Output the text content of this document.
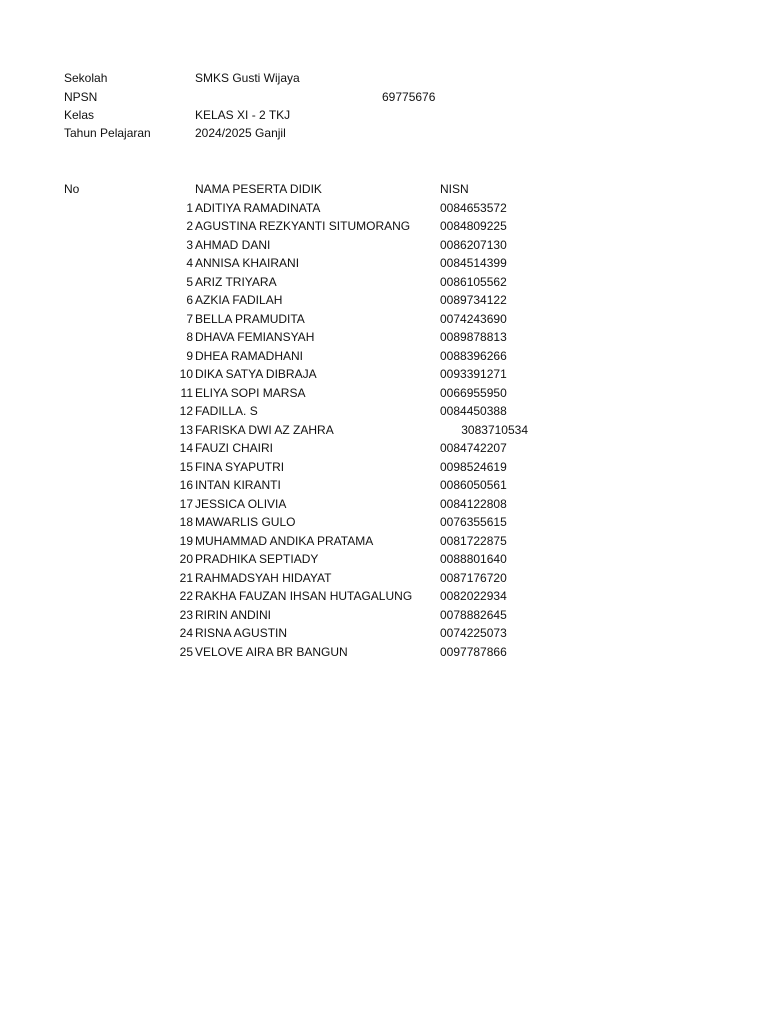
Sekolah	SMKS Gusti Wijaya
NPSN	69775676
Kelas	KELAS XI - 2 TKJ
Tahun Pelajaran	2024/2025 Ganjil
No	NAMA PESERTA DIDIK	NISN
1 ADITIYA RAMADINATA	0084653572
2 AGUSTINA REZKYANTI SITUMORANG 0084809225
3 AHMAD DANI	0086207130
4 ANNISA KHAIRANI	0084514399
5 ARIZ TRIYARA	0086105562
6 AZKIA FADILAH	0089734122
7 BELLA PRAMUDITA	0074243690
8 DHAVA FEMIANSYAH	0089878813
9 DHEA RAMADHANI	0088396266
10 DIKA SATYA DIBRAJA	0093391271
11 ELIYA SOPI MARSA	0066955950
12 FADILLA. S	0084450388
13 FARISKA DWI AZ ZAHRA	3083710534
14 FAUZI CHAIRI	0084742207
15 FINA SYAPUTRI	0098524619
16 INTAN KIRANTI	0086050561
17 JESSICA OLIVIA	0084122808
18 MAWARLIS GULO	0076355615
19 MUHAMMAD ANDIKA PRATAMA	0081722875
20 PRADHIKA SEPTIADY	0088801640
21 RAHMADSYAH HIDAYAT	0087176720
22 RAKHA FAUZAN IHSAN HUTAGALUNG 0082022934
23 RIRIN ANDINI	0078882645
24 RISNA AGUSTIN	0074225073
25 VELOVE AIRA BR BANGUN	0097787866
